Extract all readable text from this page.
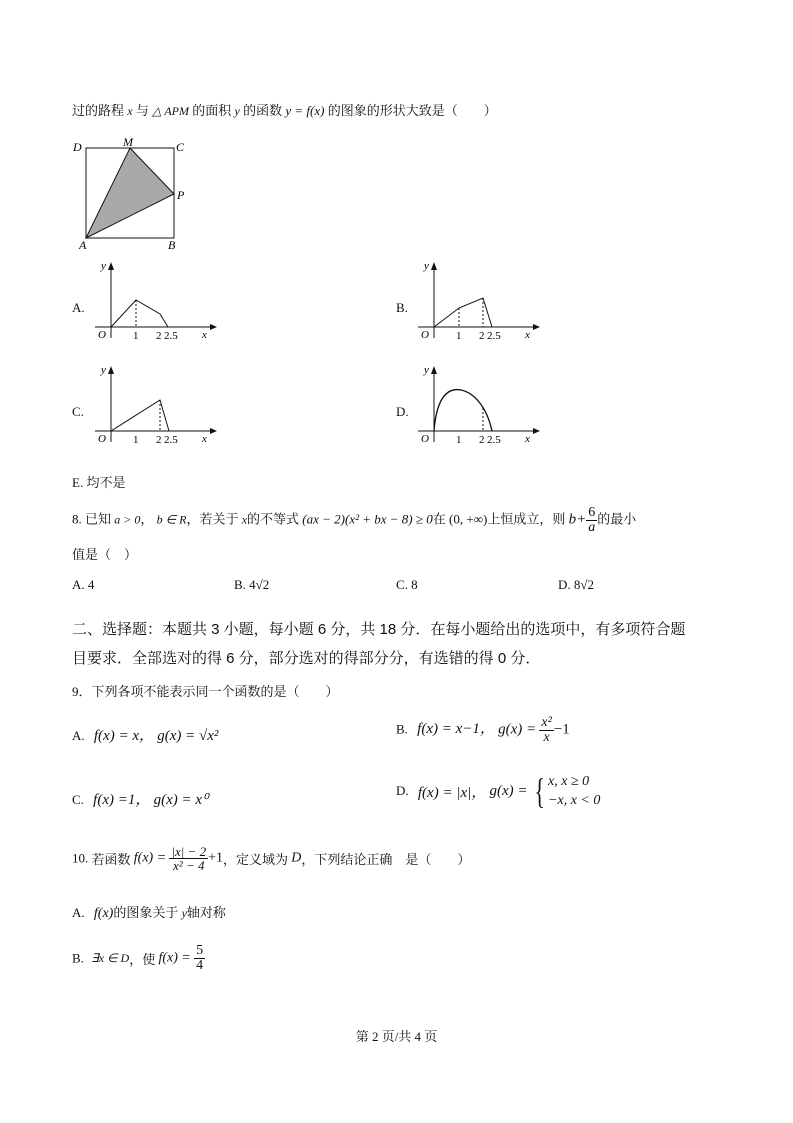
过的路程 x 与 △ APM 的面积 y 的函数 y = f(x) 的图象的形状大致是（　　）
D	M	C
P
A	B
A.	B.
C.	D.
y
O 1 2 2.5 x
y
O 1 2 2.5 x
y
O 1 2 2.5 x
y
O 1 2 2.5 x
E. 均不是
8. 已知 a > 0， b ∈ R，若关于 x的不等式 (ax − 2)(x² + bx − 8) ≥ 0在 (0, +∞)上恒成立，则 $b+ \frac{6}{a}$ 的最小
值是（　）
A. 4	B. 4√2	C. 8	D. 8√2
二、选择题：本题共 3 小题，每小题 6 分，共 18 分．在每小题给出的选项中，有多项符合题
目要求．全部选对的得 6 分，部分选对的得部分分，有选错的得 0 分．
9．下列各项不能表示同一个函数的是（　　）
A. f(x) = x， g(x) = √x²	B. f(x) = x−1， $g(x) = \frac{\text{x²}}{x} -1$
C. f(x) =1， g(x) = x⁰
D. f(x) = |x|， g(x) = { x, x ≥ 0
−x, x < 0
10. 若函数 $f(x) = \frac{|x| - 2}{\text{x² − 4}} +1$，定义域为 D，下列结论正确　是（　　）
A. f(x)的图象关于 y轴对称
B. ∃x ∈ D，使 $f(x) = \frac{5}{4}$
第 2 页/共 4 页
